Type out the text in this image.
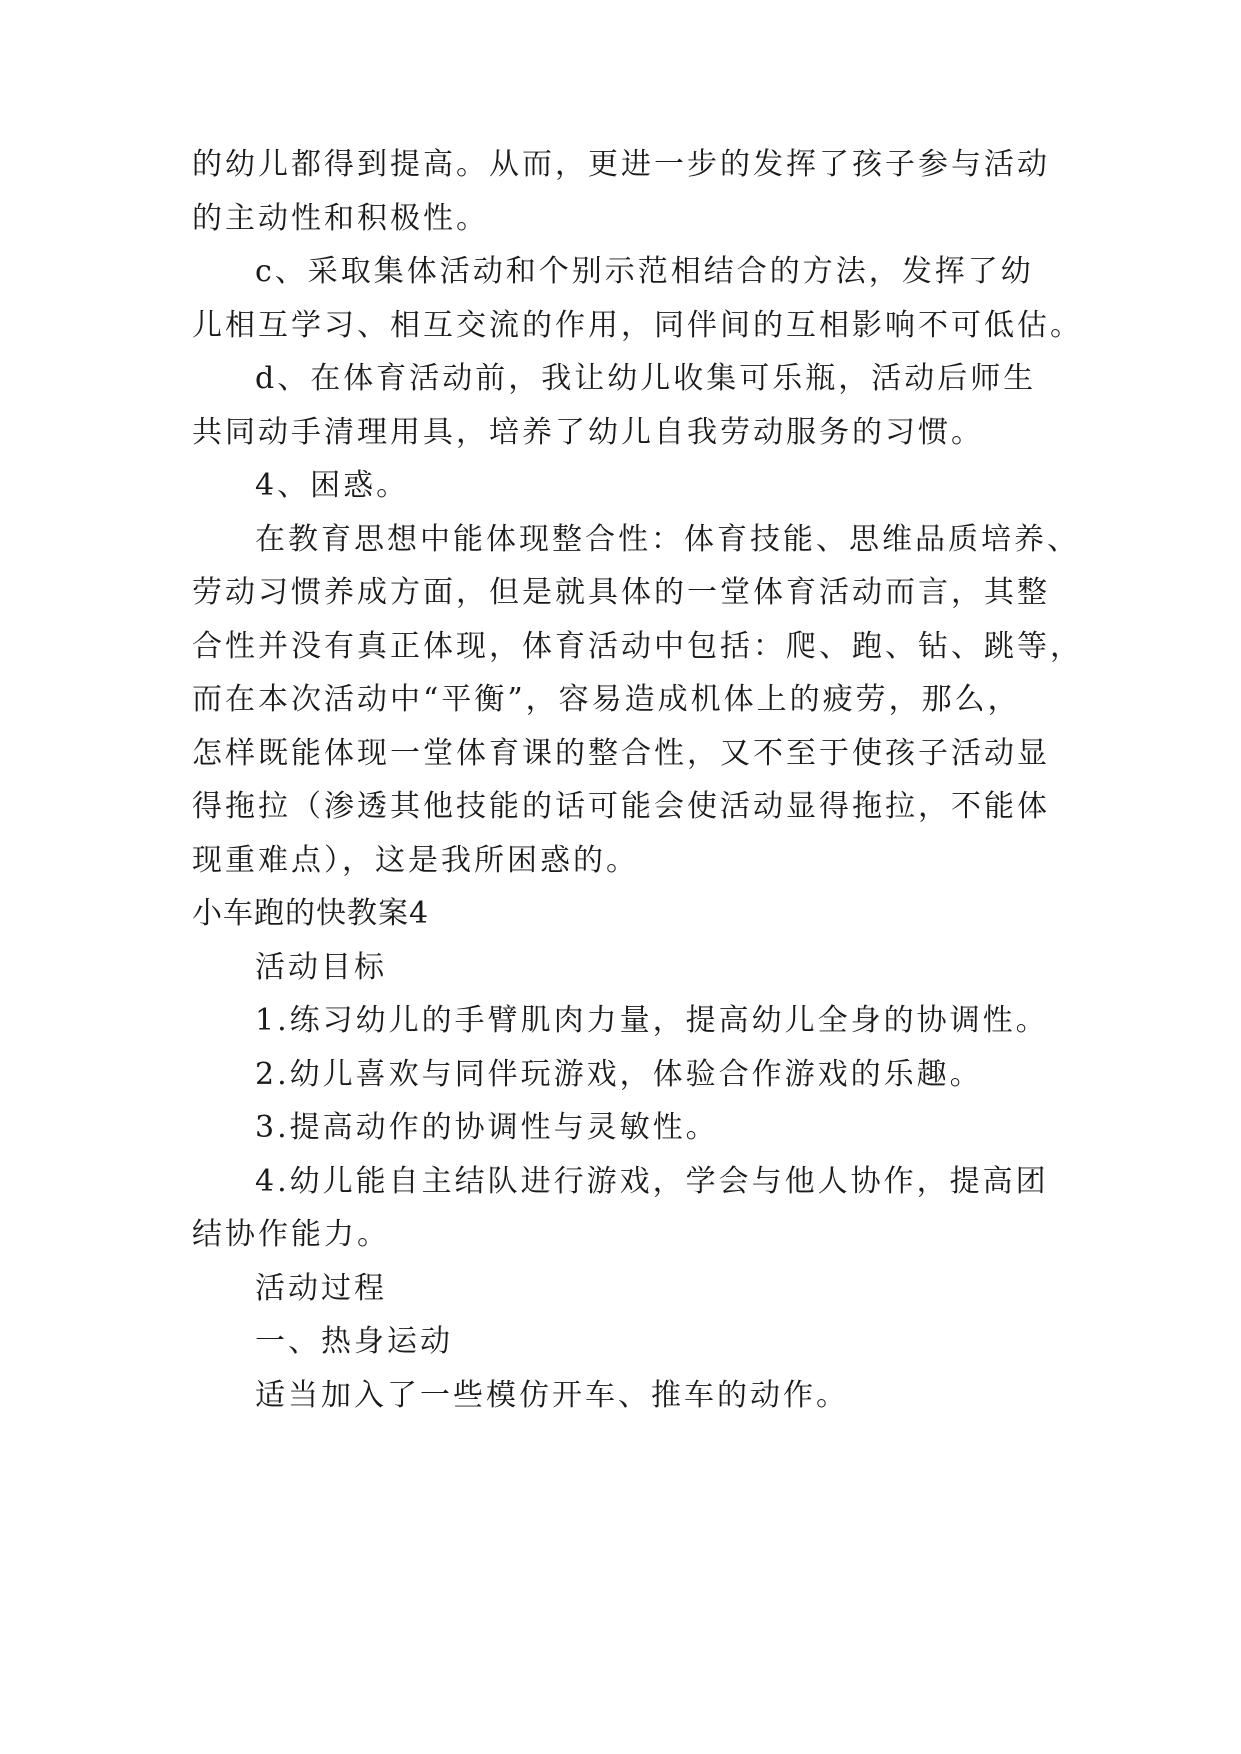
的幼儿都得到提高。从而，更进一步的发挥了孩子参与活动
的主动性和积极性。
c、采取集体活动和个别示范相结合的方法，发挥了幼
儿相互学习、相互交流的作用，同伴间的互相影响不可低估。
d、在体育活动前，我让幼儿收集可乐瓶，活动后师生
共同动手清理用具，培养了幼儿自我劳动服务的习惯。
4、困惑。
在教育思想中能体现整合性：体育技能、思维品质培养、
劳动习惯养成方面，但是就具体的一堂体育活动而言，其整
合性并没有真正体现，体育活动中包括：爬、跑、钻、跳等，
而在本次活动中“平衡”，容易造成机体上的疲劳，那么，
怎样既能体现一堂体育课的整合性，又不至于使孩子活动显
得拖拉（渗透其他技能的话可能会使活动显得拖拉，不能体
现重难点），这是我所困惑的。
小车跑的快教案4
活动目标
1.练习幼儿的手臂肌肉力量，提高幼儿全身的协调性。
2.幼儿喜欢与同伴玩游戏，体验合作游戏的乐趣。
3.提高动作的协调性与灵敏性。
4.幼儿能自主结队进行游戏，学会与他人协作，提高团
结协作能力。
活动过程
一、热身运动
适当加入了一些模仿开车、推车的动作。
